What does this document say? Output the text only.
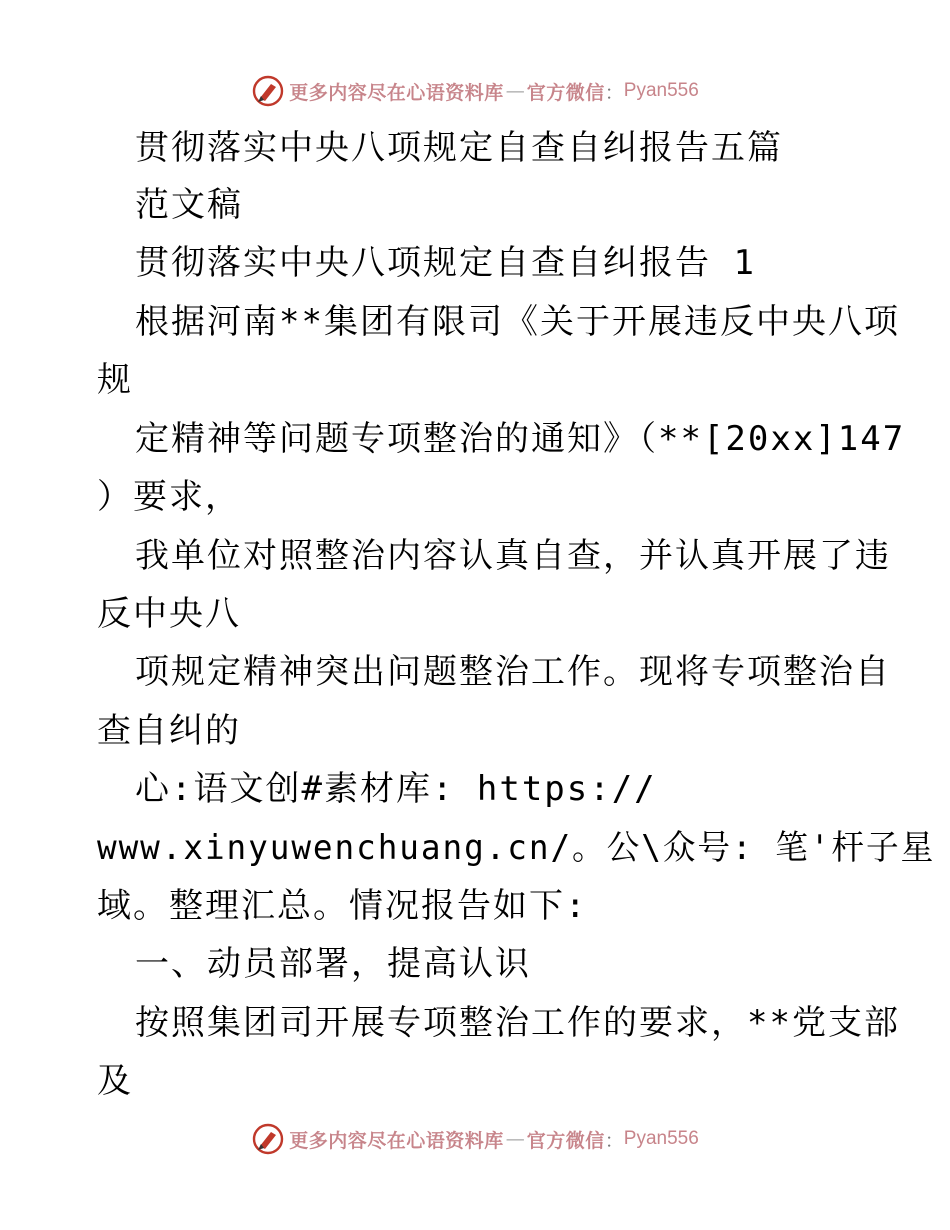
更多内容尽在心语资料库 — 官方微信 ： Pyan556

贯彻落实中央八项规定自查自纠报告五篇

范文稿

贯彻落实中央八项规定自查自纠报告 1

根据河南**集团有限司《关于开展违反中央八项

规

定精神等问题专项整治的通知》（**[20xx]147

）要求，

我单位对照整治内容认真自查，并认真开展了违

反中央八

项规定精神突出问题整治工作。现将专项整治自

查自纠的

心:语文创#素材库: https://

www.xinyuwenchuang.cn/。公\众号: 笔'杆子星

域。整理汇总。情况报告如下:

一、动员部署，提高认识

按照集团司开展专项整治工作的要求，**党支部

及

更多内容尽在心语资料库 — 官方微信 ： Pyan556
